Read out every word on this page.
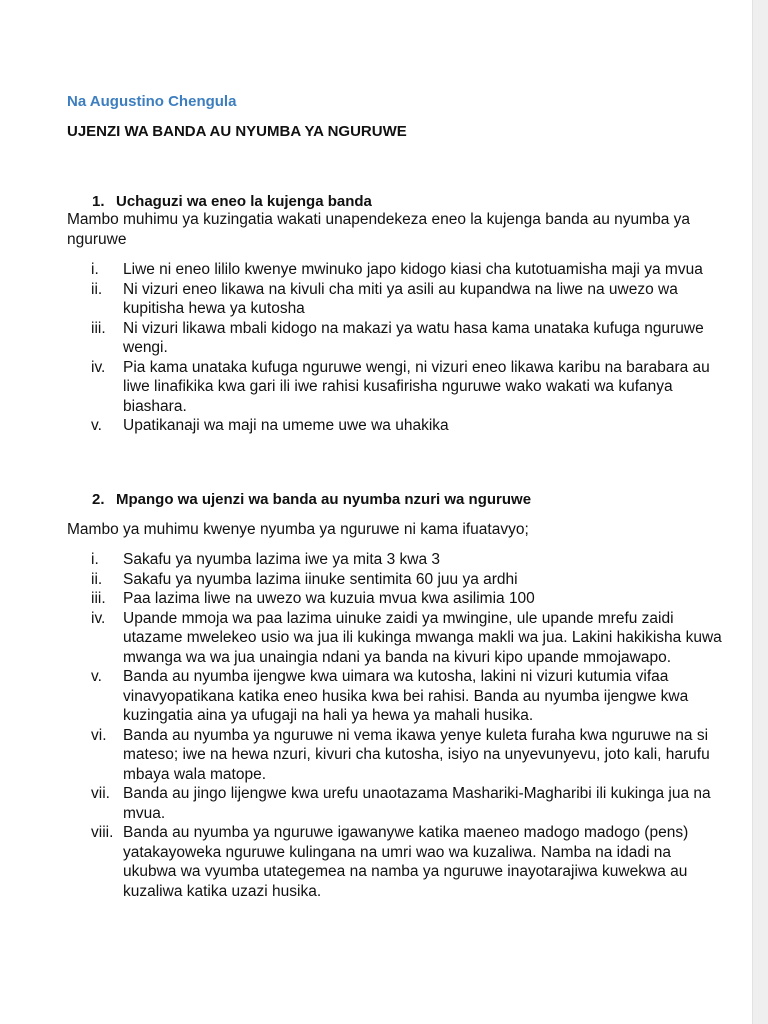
Na Augustino Chengula
UJENZI WA BANDA AU NYUMBA YA NGURUWE
1. Uchaguzi wa eneo la kujenga banda
Mambo muhimu ya kuzingatia wakati unapendekeza eneo la kujenga banda au nyumba ya nguruwe
i. Liwe ni eneo lililo kwenye mwinuko japo kidogo kiasi cha kutotuamisha maji ya mvua
ii. Ni vizuri eneo likawa na kivuli cha miti ya asili au kupandwa na liwe na uwezo wa kupitisha hewa ya kutosha
iii. Ni vizuri likawa mbali kidogo na makazi ya watu hasa kama unataka kufuga nguruwe wengi.
iv. Pia kama unataka kufuga nguruwe wengi, ni vizuri eneo likawa karibu na barabara au liwe linafikika kwa gari ili iwe rahisi kusafirisha nguruwe wako wakati wa kufanya biashara.
v. Upatikanaji wa maji na umeme uwe wa uhakika
2. Mpango wa ujenzi wa banda au nyumba nzuri wa nguruwe
Mambo ya muhimu kwenye nyumba ya nguruwe ni kama ifuatavyo;
i. Sakafu ya nyumba lazima iwe ya mita 3 kwa 3
ii. Sakafu ya nyumba lazima iinuke sentimita 60 juu ya ardhi
iii. Paa lazima liwe na uwezo wa kuzuia mvua kwa asilimia 100
iv. Upande mmoja wa paa lazima uinuke zaidi ya mwingine, ule upande mrefu zaidi utazame mwelekeo usio wa jua ili kukinga mwanga makli wa jua. Lakini hakikisha kuwa mwanga wa wa jua unaingia ndani ya banda na kivuri kipo upande mmojawapo.
v. Banda au nyumba ijengwe kwa uimara wa kutosha, lakini ni vizuri kutumia vifaa vinavyopatikana katika eneo husika kwa bei rahisi. Banda au nyumba ijengwe kwa kuzingatia aina ya ufugaji na hali ya hewa ya mahali husika.
vi. Banda au nyumba ya nguruwe ni vema ikawa yenye kuleta furaha kwa nguruwe na si mateso; iwe na hewa nzuri, kivuri cha kutosha, isiyo na unyevunyevu, joto kali, harufu mbaya wala matope.
vii. Banda au jingo lijengwe kwa urefu unaotazama Mashariki-Magharibi ili kukinga jua na mvua.
viii. Banda au nyumba ya nguruwe igawanywe katika maeneo madogo madogo (pens) yatakayoweka nguruwe kulingana na umri wao wa kuzaliwa. Namba na idadi na ukubwa wa vyumba utategemea na namba ya nguruwe inayotarajiwa kuwekwa au kuzaliwa katika uzazi husika.
